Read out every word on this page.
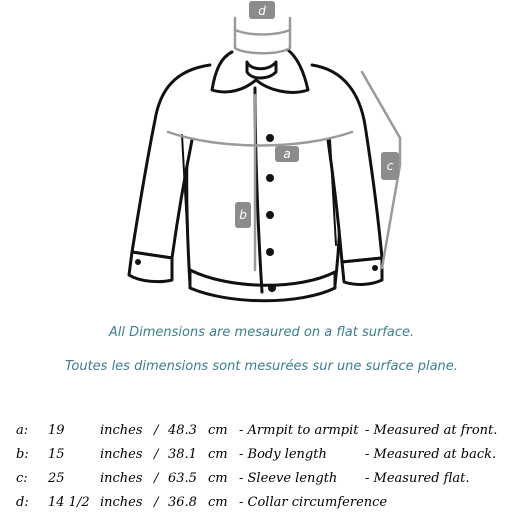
d
a
b
c
All Dimensions are mesaured on a flat surface.
Toutes les dimensions sont mesurées sur une surface plane.
a: 19	inches / 48.3 cm - Armpit to armpit - Measured at front.
b: 15	inches / 38.1 cm - Body length	- Measured at back.
c: 25	inches / 63.5 cm - Sleeve length - Measured flat.
d: 14 1/2 inches / 36.8 cm - Collar circumference
